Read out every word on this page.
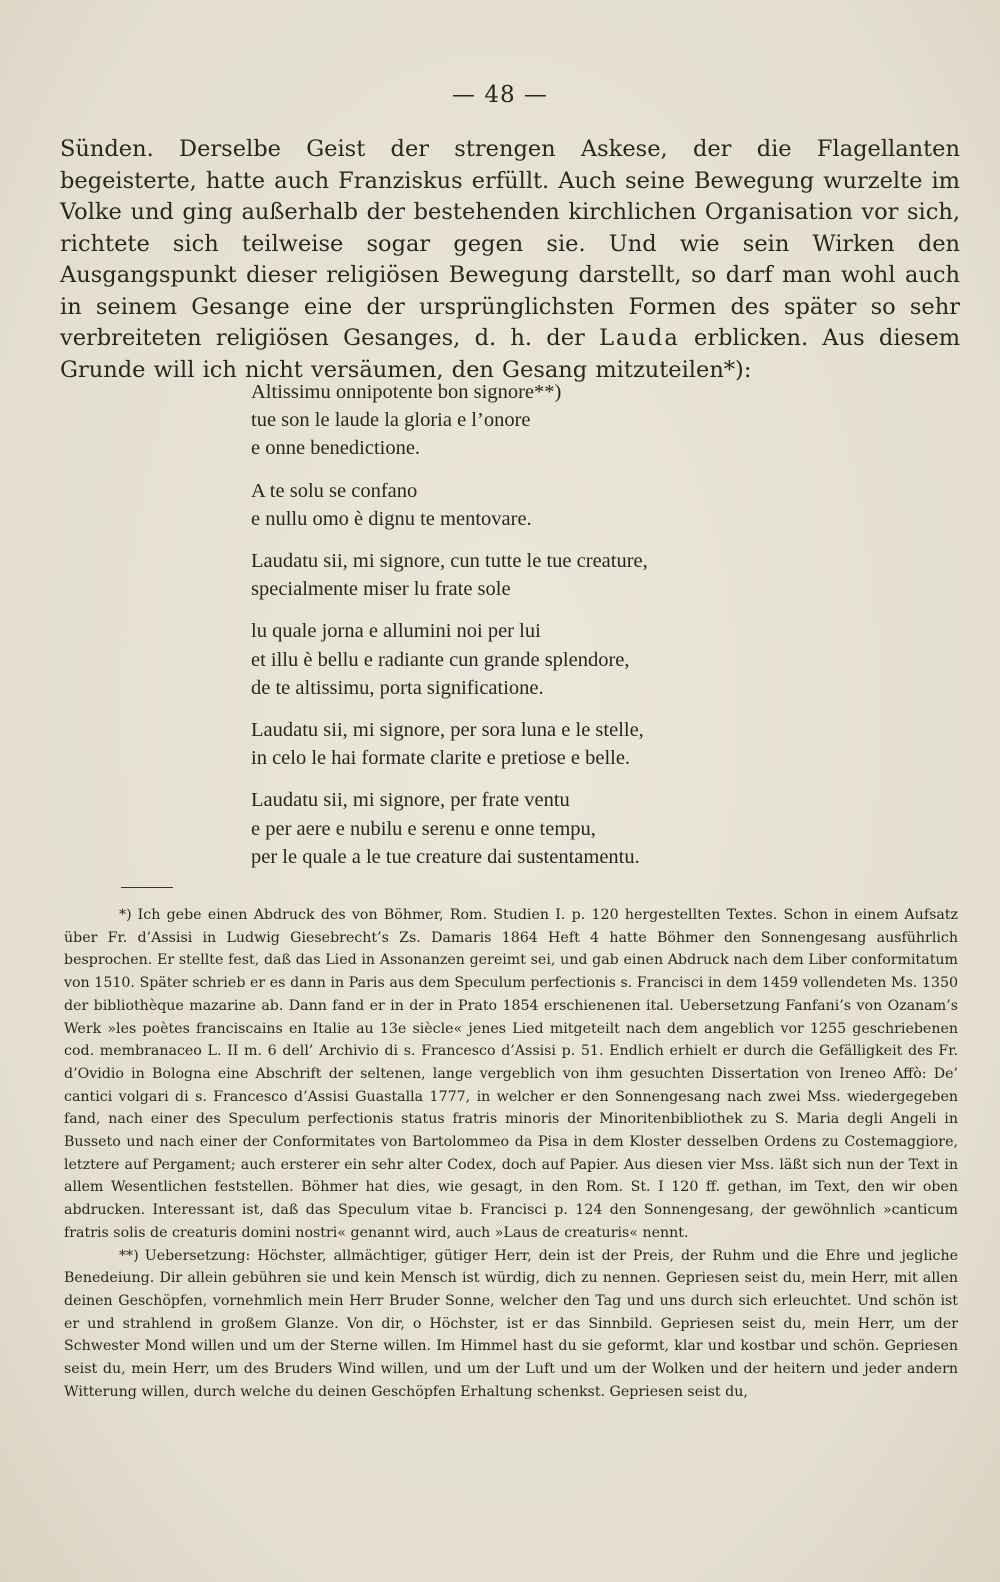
— 48 —

Sünden. Derselbe Geist der strengen Askese, der die Flagellanten begeisterte, hatte auch Franziskus erfüllt. Auch seine Bewegung wurzelte im Volke und ging außerhalb der bestehenden kirchlichen Organisation vor sich, richtete sich teilweise sogar gegen sie. Und wie sein Wirken den Ausgangspunkt dieser religiösen Bewegung darstellt, so darf man wohl auch in seinem Gesange eine der ursprünglichsten Formen des später so sehr verbreiteten religiösen Gesanges, d. h. der Lauda erblicken. Aus diesem Grunde will ich nicht versäumen, den Gesang mitzuteilen*):

Altissimu onnipotente bon signore**)
tue son le laude la gloria e l’onore
e onne benedictione.
A te solu se confano
e nullu omo è dignu te mentovare.
Laudatu sii, mi signore, cun tutte le tue creature,
specialmente miser lu frate sole
lu quale jorna e allumini noi per lui
et illu è bellu e radiante cun grande splendore,
de te altissimu, porta significatione.
Laudatu sii, mi signore, per sora luna e le stelle,
in celo le hai formate clarite e pretiose e belle.
Laudatu sii, mi signore, per frate ventu
e per aere e nubilu e serenu e onne tempu,
per le quale a le tue creature dai sustentamentu.

*) Ich gebe einen Abdruck des von Böhmer, Rom. Studien I. p. 120 hergestellten Textes. Schon in einem Aufsatz über Fr. d’Assisi in Ludwig Giesebrecht’s Zs. Damaris 1864 Heft 4 hatte Böhmer den Sonnengesang ausführlich besprochen. Er stellte fest, daß das Lied in Assonanzen gereimt sei, und gab einen Abdruck nach dem Liber conformitatum von 1510. Später schrieb er es dann in Paris aus dem Speculum perfectionis s. Francisci in dem 1459 vollendeten Ms. 1350 der bibliothèque mazarine ab. Dann fand er in der in Prato 1854 erschienenen ital. Uebersetzung Fanfani’s von Ozanam’s Werk »les poètes franciscains en Italie au 13e siècle« jenes Lied mitgeteilt nach dem angeblich vor 1255 geschriebenen cod. membranaceo L. II m. 6 dell’ Archivio di s. Francesco d’Assisi p. 51. Endlich erhielt er durch die Gefälligkeit des Fr. d’Ovidio in Bologna eine Abschrift der seltenen, lange vergeblich von ihm gesuchten Dissertation von Ireneo Affò: De’ cantici volgari di s. Francesco d’Assisi Guastalla 1777, in welcher er den Sonnengesang nach zwei Mss. wiedergegeben fand, nach einer des Speculum perfectionis status fratris minoris der Minoritenbibliothek zu S. Maria degli Angeli in Busseto und nach einer der Conformitates von Bartolommeo da Pisa in dem Kloster desselben Ordens zu Costemaggiore, letztere auf Pergament; auch ersterer ein sehr alter Codex, doch auf Papier. Aus diesen vier Mss. läßt sich nun der Text in allem Wesentlichen feststellen. Böhmer hat dies, wie gesagt, in den Rom. St. I 120 ff. gethan, im Text, den wir oben abdrucken. Interessant ist, daß das Speculum vitae b. Francisci p. 124 den Sonnengesang, der gewöhnlich »canticum fratris solis de creaturis domini nostri« genannt wird, auch »Laus de creaturis« nennt.

**) Uebersetzung: Höchster, allmächtiger, gütiger Herr, dein ist der Preis, der Ruhm und die Ehre und jegliche Benedeiung. Dir allein gebühren sie und kein Mensch ist würdig, dich zu nennen. Gepriesen seist du, mein Herr, mit allen deinen Geschöpfen, vornehmlich mein Herr Bruder Sonne, welcher den Tag und uns durch sich erleuchtet. Und schön ist er und strahlend in großem Glanze. Von dir, o Höchster, ist er das Sinnbild. Gepriesen seist du, mein Herr, um der Schwester Mond willen und um der Sterne willen. Im Himmel hast du sie geformt, klar und kostbar und schön. Gepriesen seist du, mein Herr, um des Bruders Wind willen, und um der Luft und um der Wolken und der heitern und jeder andern Witterung willen, durch welche du deinen Geschöpfen Erhaltung schenkst. Gepriesen seist du,
